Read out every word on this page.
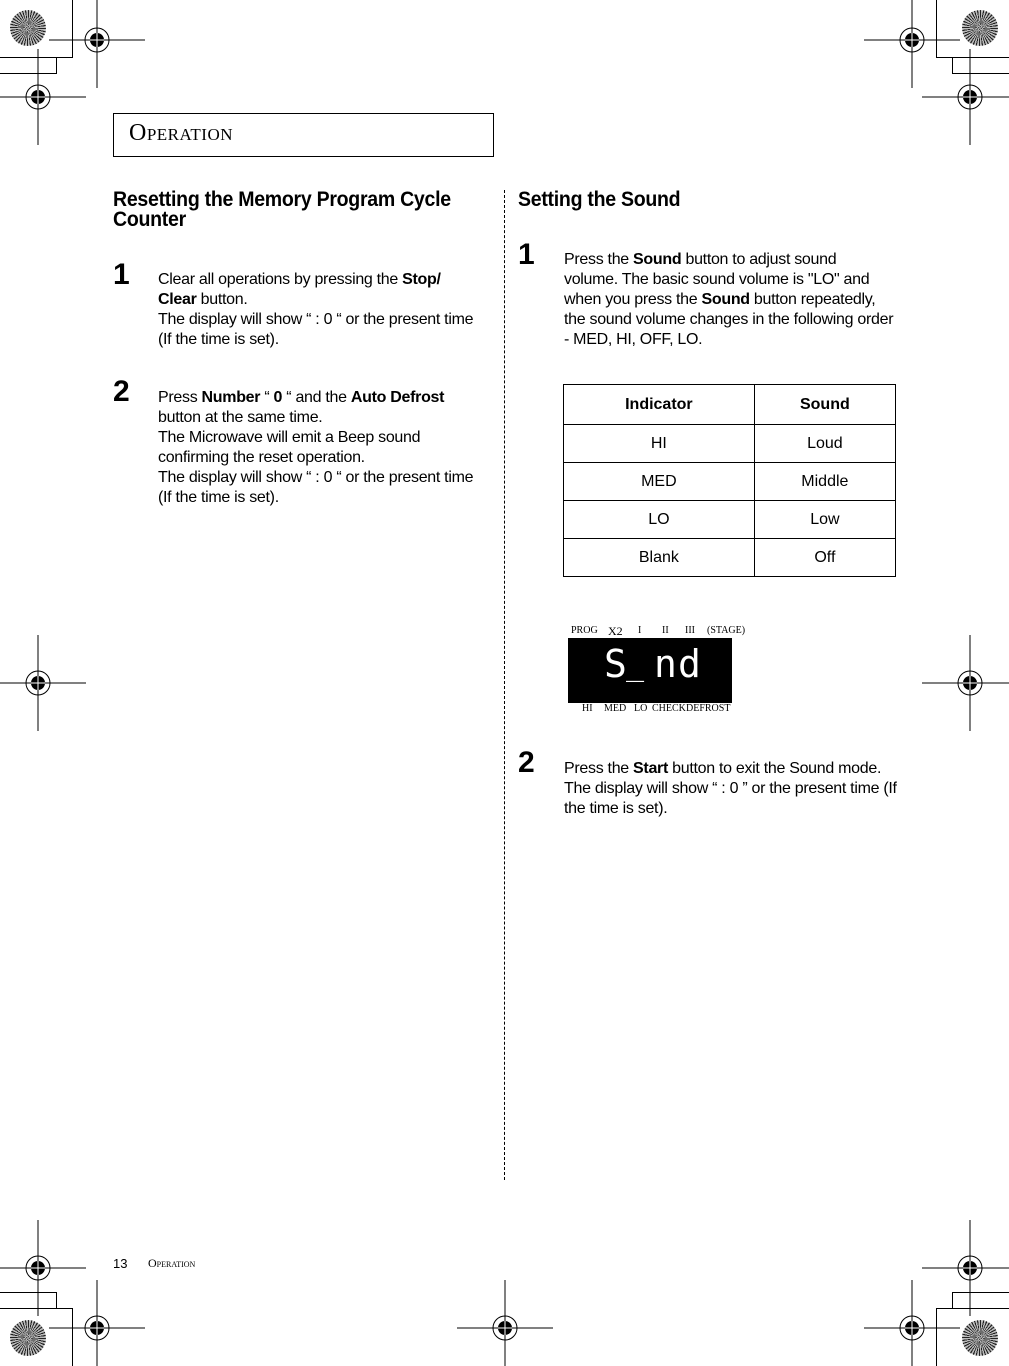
Operation
Resetting the Memory Program Cycle Counter
1 Clear all operations by pressing the Stop/ Clear button.
The display will show “ : 0 “ or the present time (If the time is set).
2 Press Number “ 0 “ and the Auto Defrost button at the same time.
The Microwave will emit a Beep sound confirming the reset operation.
The display will show “ : 0 “ or the present time (If the time is set).
Setting the Sound
1 Press the Sound button to adjust sound volume. The basic sound volume is "LO" and when you press the Sound button repeatedly, the sound volume changes in the following order - MED, HI, OFF, LO.
Indicator	Sound
HI	Loud
MED	Middle
LO	Low
Blank	Off
PROG X2 I II III (STAGE)
S _ n d
HI MED LO CHECK DEFROST
2 Press the Start button to exit the Sound mode. The display will show “ : 0 ” or the present time (If the time is set).
13 Operation
